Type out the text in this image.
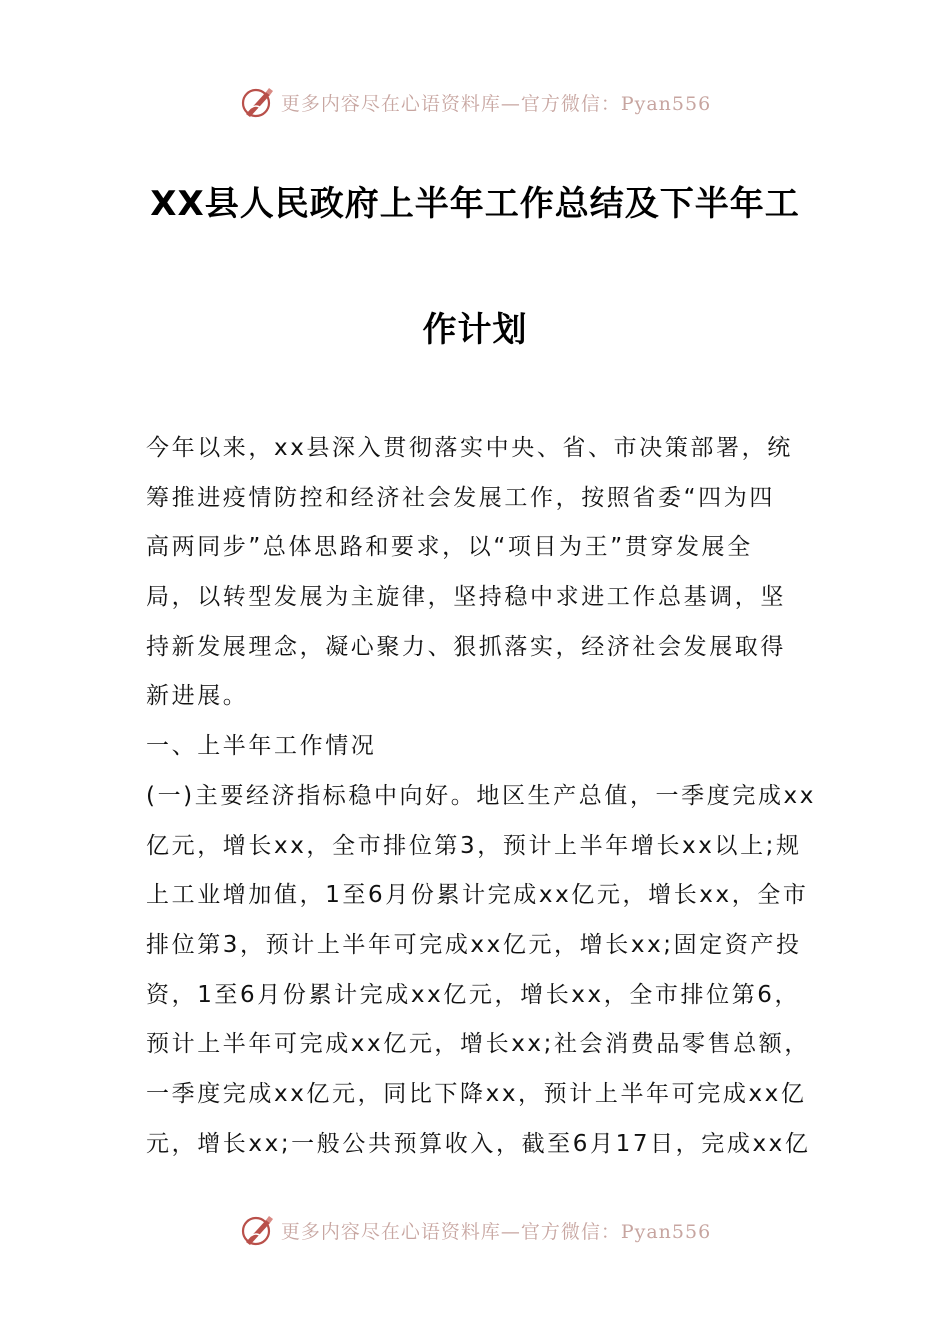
更多内容尽在心语资料库—官方微信：Pyan556
XX县人民政府上半年工作总结及下半年工
作计划
今年以来，xx县深入贯彻落实中央、省、市决策部署，统
筹推进疫情防控和经济社会发展工作，按照省委“四为四
高两同步”总体思路和要求，以“项目为王”贯穿发展全
局，以转型发展为主旋律，坚持稳中求进工作总基调，坚
持新发展理念，凝心聚力、狠抓落实，经济社会发展取得
新进展。
一、上半年工作情况
(一)主要经济指标稳中向好。地区生产总值，一季度完成xx
亿元，增长xx，全市排位第3，预计上半年增长xx以上;规
上工业增加值，1至6月份累计完成xx亿元，增长xx，全市
排位第3，预计上半年可完成xx亿元，增长xx;固定资产投
资，1至6月份累计完成xx亿元，增长xx，全市排位第6，
预计上半年可完成xx亿元，增长xx;社会消费品零售总额，
一季度完成xx亿元，同比下降xx，预计上半年可完成xx亿
元，增长xx;一般公共预算收入，截至6月17日，完成xx亿
更多内容尽在心语资料库—官方微信：Pyan556
